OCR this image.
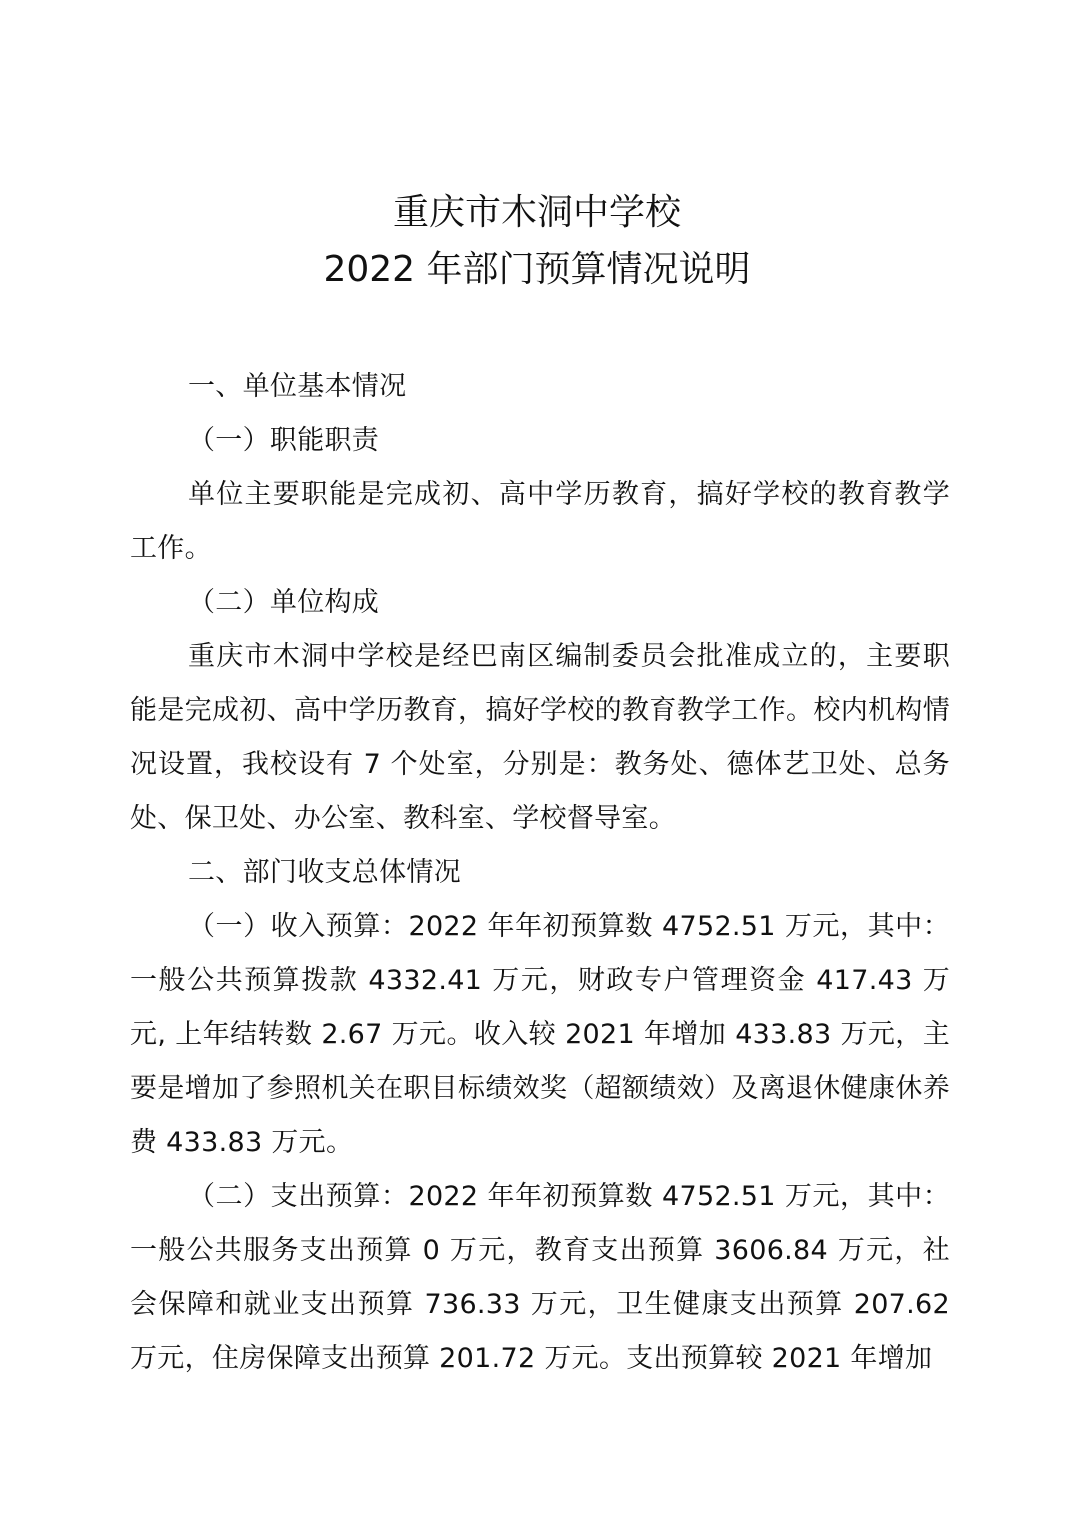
重庆市木洞中学校
2022 年部门预算情况说明

一、单位基本情况

（一）职能职责

单位主要职能是完成初、高中学历教育，搞好学校的教育教学工作。

（二）单位构成

重庆市木洞中学校是经巴南区编制委员会批准成立的，主要职能是完成初、高中学历教育，搞好学校的教育教学工作。校内机构情况设置，我校设有 7 个处室，分别是：教务处、德体艺卫处、总务处、保卫处、办公室、教科室、学校督导室。

二、部门收支总体情况

（一）收入预算：2022 年年初预算数 4752.51 万元，其中：一般公共预算拨款 4332.41 万元，财政专户管理资金 417.43 万元, 上年结转数 2.67 万元。收入较 2021 年增加 433.83 万元，主要是增加了参照机关在职目标绩效奖（超额绩效）及离退休健康休养费 433.83 万元。

（二）支出预算：2022 年年初预算数 4752.51 万元，其中：一般公共服务支出预算 0 万元，教育支出预算 3606.84 万元，社会保障和就业支出预算 736.33 万元，卫生健康支出预算 207.62 万元，住房保障支出预算 201.72 万元。支出预算较 2021 年增加
